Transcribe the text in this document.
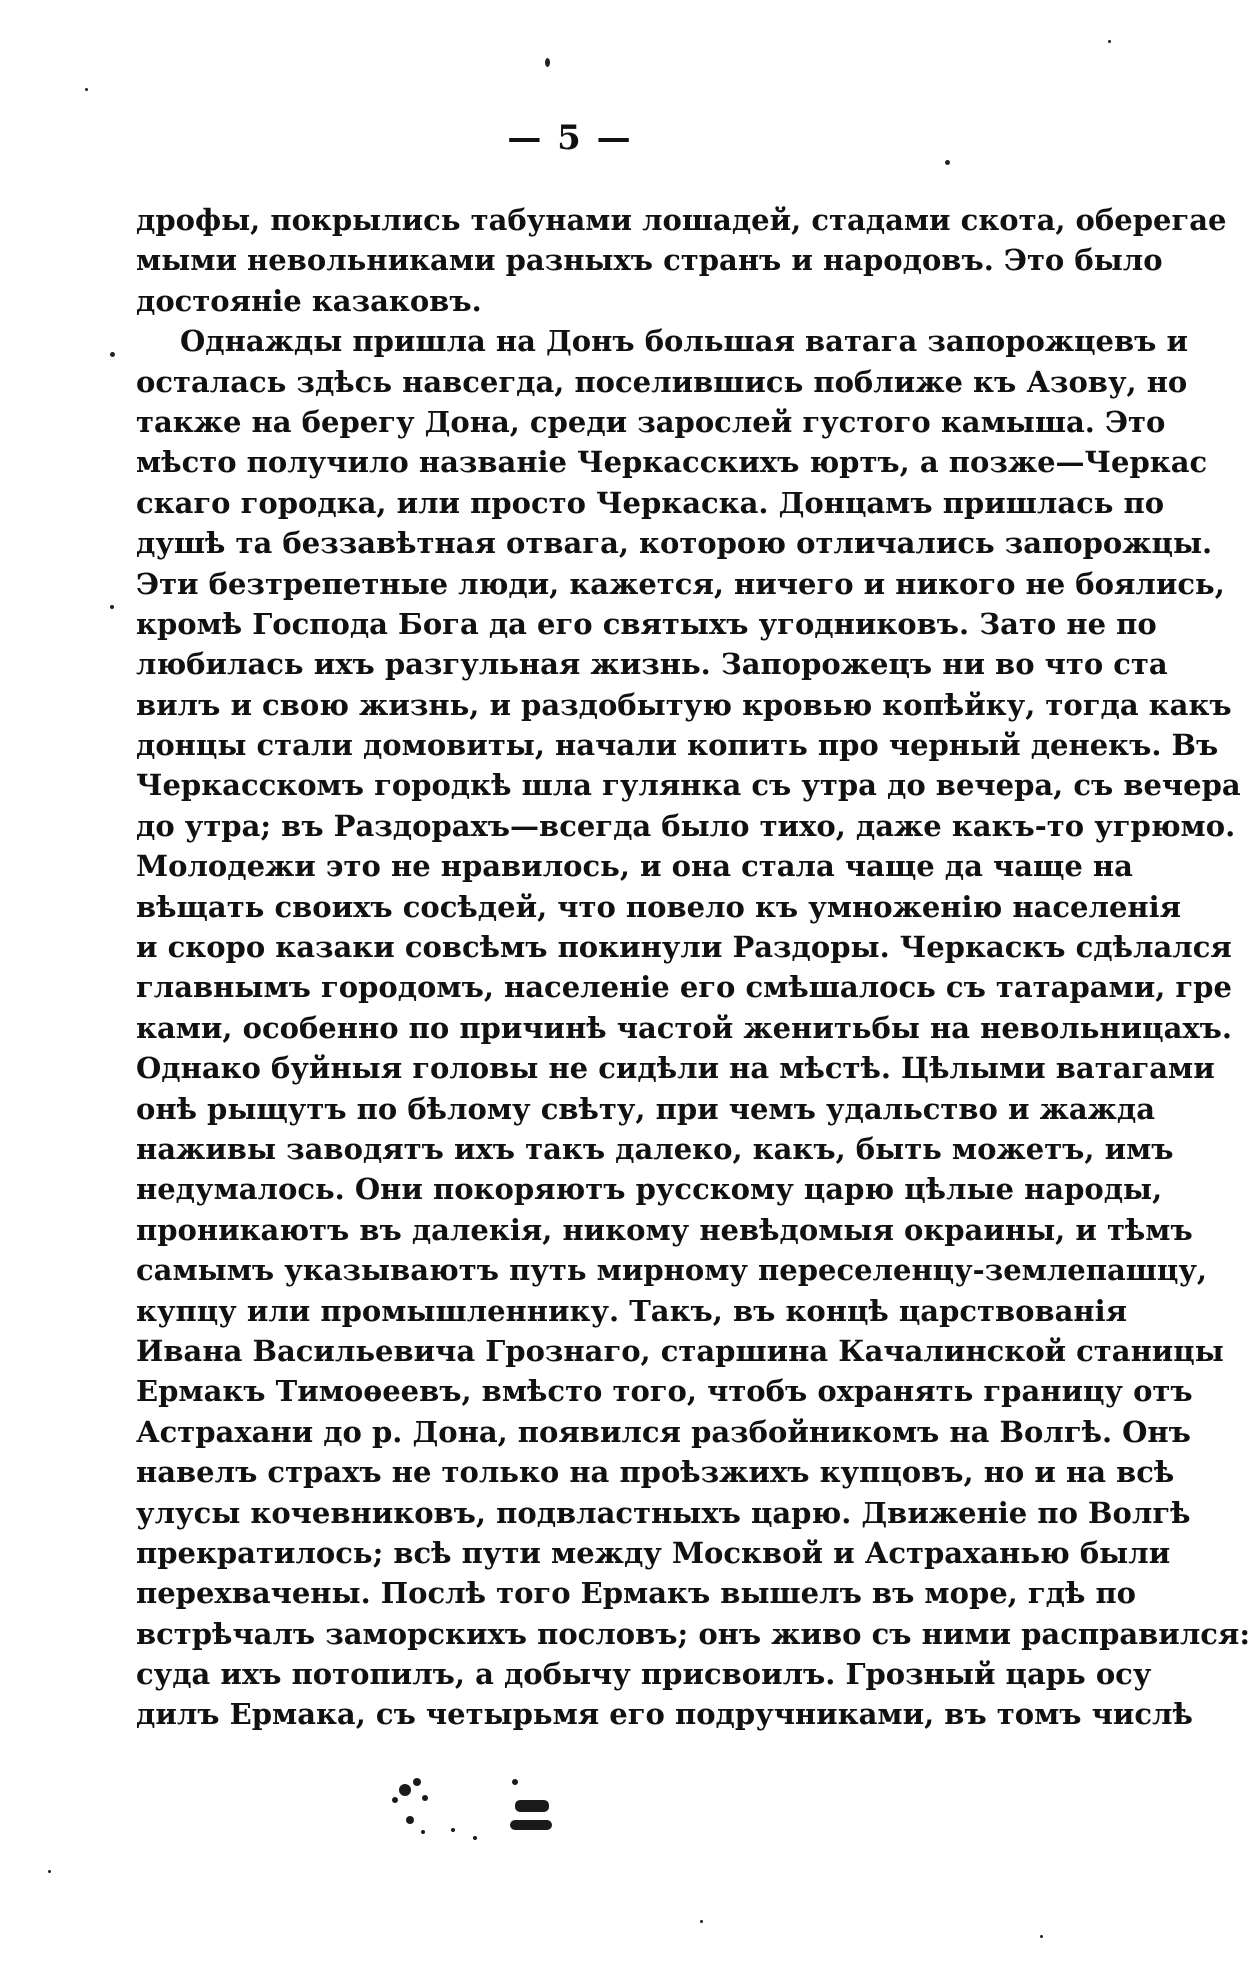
— 5 —
дрофы, покрылись табунами лошадей, стадами скота, оберегае
мыми невольниками разныхъ странъ и народовъ. Это было
достояніе казаковъ.
Однажды пришла на Донъ большая ватага запорожцевъ и
осталась здѣсь навсегда, поселившись поближе къ Азову, но
также на берегу Дона, среди зарослей густого камыша. Это
мѣсто получило названіе Черкасскихъ юртъ, а позже—Черкас
скаго городка, или просто Черкаска. Донцамъ пришлась по
душѣ та беззавѣтная отвага, которою отличались запорожцы.
Эти безтрепетные люди, кажется, ничего и никого не боялись,
кромѣ Господа Бога да его святыхъ угодниковъ. Зато не по
любилась ихъ разгульная жизнь. Запорожецъ ни во что ста
вилъ и свою жизнь, и раздобытую кровью копѣйку, тогда какъ
донцы стали домовиты, начали копить про черный денекъ. Въ
Черкасскомъ городкѣ шла гулянка съ утра до вечера, съ вечера
до утра; въ Раздорахъ—всегда было тихо, даже какъ-то угрюмо.
Молодежи это не нравилось, и она стала чаще да чаще на
вѣщать своихъ сосѣдей, что повело къ умноженію населенія
и скоро казаки совсѣмъ покинули Раздоры. Черкаскъ сдѣлался
главнымъ городомъ, населеніе его смѣшалось съ татарами, гре
ками, особенно по причинѣ частой женитьбы на невольницахъ.
Однако буйныя головы не сидѣли на мѣстѣ. Цѣлыми ватагами
онѣ рыщутъ по бѣлому свѣту, при чемъ удальство и жажда
наживы заводятъ ихъ такъ далеко, какъ, быть можетъ, имъ
недумалось. Они покоряютъ русскому царю цѣлые народы,
проникаютъ въ далекія, никому невѣдомыя окраины, и тѣмъ
самымъ указываютъ путь мирному переселенцу-землепашцу,
купцу или промышленнику. Такъ, въ концѣ царствованія
Ивана Васильевича Грознаго, старшина Качалинской станицы
Ермакъ Тимоѳеевъ, вмѣсто того, чтобъ охранять границу отъ
Астрахани до р. Дона, появился разбойникомъ на Волгѣ. Онъ
навелъ страхъ не только на проѣзжихъ купцовъ, но и на всѣ
улусы кочевниковъ, подвластныхъ царю. Движеніе по Волгѣ
прекратилось; всѣ пути между Москвой и Астраханью были
перехвачены. Послѣ того Ермакъ вышелъ въ море, гдѣ по
встрѣчалъ заморскихъ пословъ; онъ живо съ ними расправился:
суда ихъ потопилъ, а добычу присвоилъ. Грозный царь осу
дилъ Ермака, съ четырьмя его подручниками, въ томъ числѣ
